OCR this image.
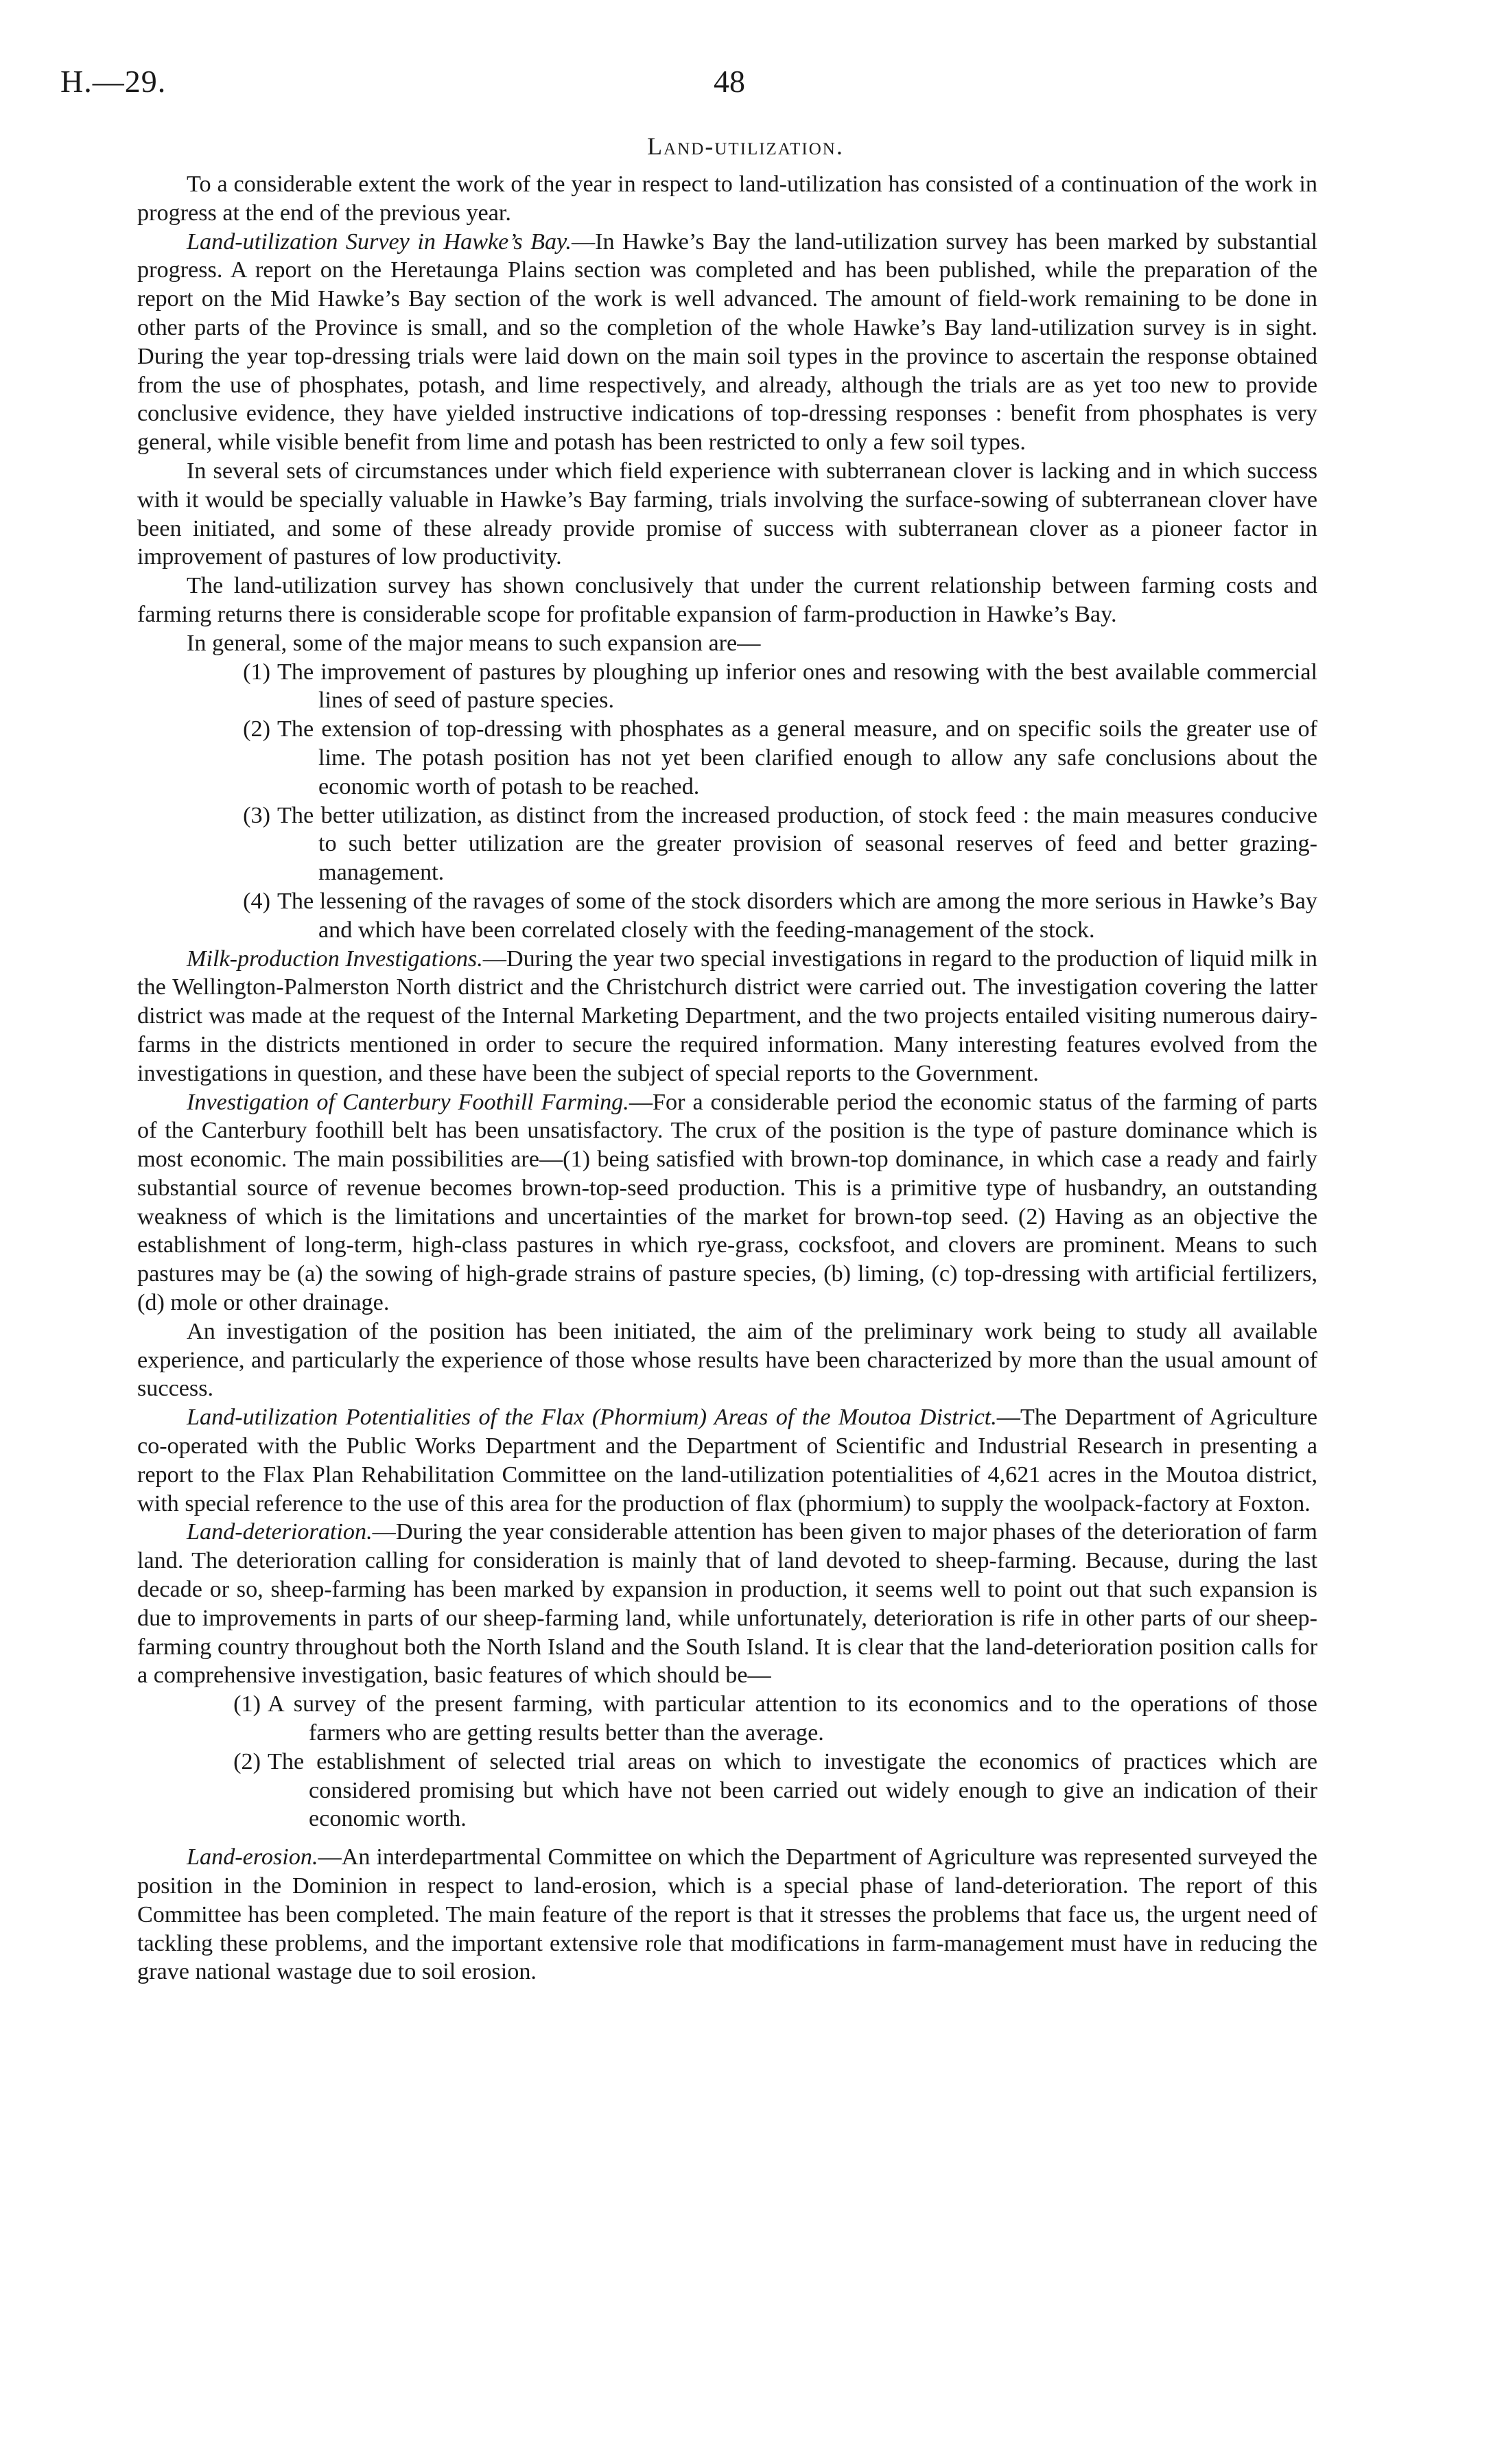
H.—29.	48
Land-utilization.

To a considerable extent the work of the year in respect to land-utilization has consisted of a continuation of the work in progress at the end of the previous year.

Land-utilization Survey in Hawke’s Bay.—In Hawke’s Bay the land-utilization survey has been marked by substantial progress. A report on the Heretaunga Plains section was completed and has been published, while the preparation of the report on the Mid Hawke’s Bay section of the work is well advanced. The amount of field-work remaining to be done in other parts of the Province is small, and so the completion of the whole Hawke’s Bay land-utilization survey is in sight. During the year top-dressing trials were laid down on the main soil types in the province to ascertain the response obtained from the use of phosphates, potash, and lime respectively, and already, although the trials are as yet too new to provide conclusive evidence, they have yielded instructive indications of top-dressing responses : benefit from phosphates is very general, while visible benefit from lime and potash has been restricted to only a few soil types.

In several sets of circumstances under which field experience with subterranean clover is lacking and in which success with it would be specially valuable in Hawke’s Bay farming, trials involving the surface-sowing of subterranean clover have been initiated, and some of these already provide promise of success with subterranean clover as a pioneer factor in improvement of pastures of low productivity.

The land-utilization survey has shown conclusively that under the current relationship between farming costs and farming returns there is considerable scope for profitable expansion of farm-production in Hawke’s Bay.

In general, some of the major means to such expansion are—

(1) The improvement of pastures by ploughing up inferior ones and resowing with the best available commercial lines of seed of pasture species.
(2) The extension of top-dressing with phosphates as a general measure, and on specific soils the greater use of lime. The potash position has not yet been clarified enough to allow any safe conclusions about the economic worth of potash to be reached.
(3) The better utilization, as distinct from the increased production, of stock feed : the main measures conducive to such better utilization are the greater provision of seasonal reserves of feed and better grazing-management.
(4) The lessening of the ravages of some of the stock disorders which are among the more serious in Hawke’s Bay and which have been correlated closely with the feeding-management of the stock.

Milk-production Investigations.—During the year two special investigations in regard to the production of liquid milk in the Wellington-Palmerston North district and the Christchurch district were carried out. The investigation covering the latter district was made at the request of the Internal Marketing Department, and the two projects entailed visiting numerous dairy-farms in the districts mentioned in order to secure the required information. Many interesting features evolved from the investigations in question, and these have been the subject of special reports to the Government.

Investigation of Canterbury Foothill Farming.—For a considerable period the economic status of the farming of parts of the Canterbury foothill belt has been unsatisfactory. The crux of the position is the type of pasture dominance which is most economic. The main possibilities are—(1) being satisfied with brown-top dominance, in which case a ready and fairly substantial source of revenue becomes brown-top-seed production. This is a primitive type of husbandry, an outstanding weakness of which is the limitations and uncertainties of the market for brown-top seed. (2) Having as an objective the establishment of long-term, high-class pastures in which rye-grass, cocksfoot, and clovers are prominent. Means to such pastures may be (a) the sowing of high-grade strains of pasture species, (b) liming, (c) top-dressing with artificial fertilizers, (d) mole or other drainage.

An investigation of the position has been initiated, the aim of the preliminary work being to study all available experience, and particularly the experience of those whose results have been characterized by more than the usual amount of success.

Land-utilization Potentialities of the Flax (Phormium) Areas of the Moutoa District.—The Department of Agriculture co-operated with the Public Works Department and the Department of Scientific and Industrial Research in presenting a report to the Flax Plan Rehabilitation Committee on the land-utilization potentialities of 4,621 acres in the Moutoa district, with special reference to the use of this area for the production of flax (phormium) to supply the woolpack-factory at Foxton.

Land-deterioration.—During the year considerable attention has been given to major phases of the deterioration of farm land. The deterioration calling for consideration is mainly that of land devoted to sheep-farming. Because, during the last decade or so, sheep-farming has been marked by expansion in production, it seems well to point out that such expansion is due to improvements in parts of our sheep-farming land, while unfortunately, deterioration is rife in other parts of our sheep-farming country throughout both the North Island and the South Island. It is clear that the land-deterioration position calls for a comprehensive investigation, basic features of which should be—

(1) A survey of the present farming, with particular attention to its economics and to the operations of those farmers who are getting results better than the average.
(2) The establishment of selected trial areas on which to investigate the economics of practices which are considered promising but which have not been carried out widely enough to give an indication of their economic worth.

Land-erosion.—An interdepartmental Committee on which the Department of Agriculture was represented surveyed the position in the Dominion in respect to land-erosion, which is a special phase of land-deterioration. The report of this Committee has been completed. The main feature of the report is that it stresses the problems that face us, the urgent need of tackling these problems, and the important extensive role that modifications in farm-management must have in reducing the grave national wastage due to soil erosion.
